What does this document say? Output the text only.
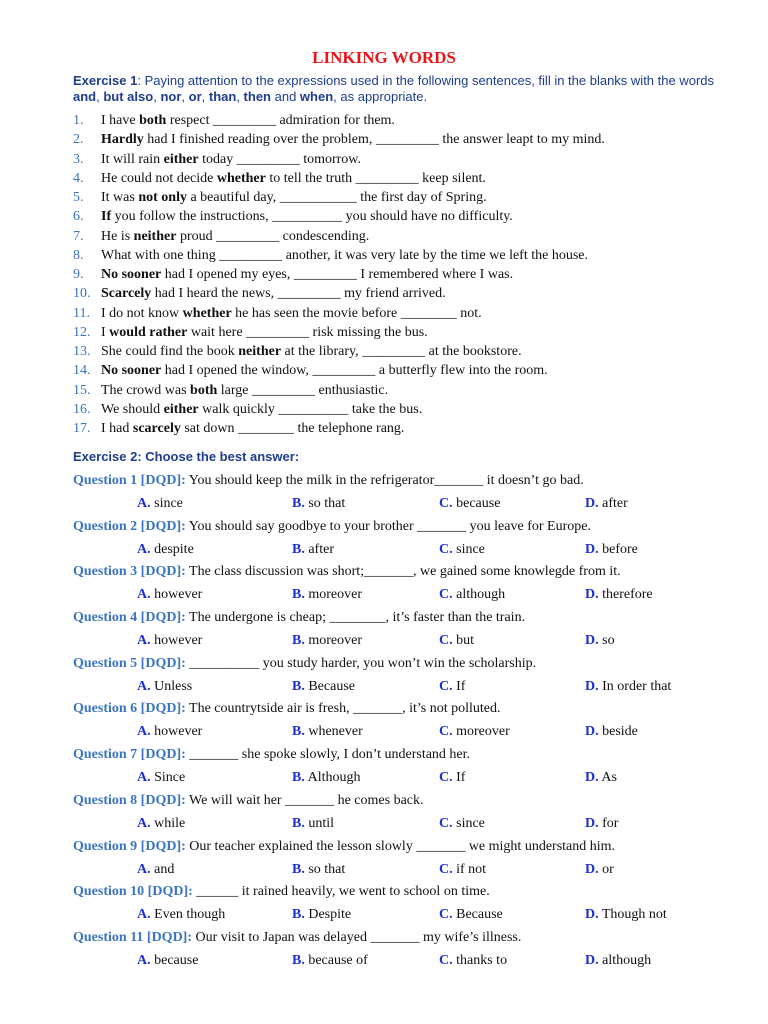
LINKING WORDS
Exercise 1: Paying attention to the expressions used in the following sentences, fill in the blanks with the words and, but also, nor, or, than, then and when, as appropriate.
1. I have both respect _________ admiration for them.
2. Hardly had I finished reading over the problem, _________ the answer leapt to my mind.
3. It will rain either today _________ tomorrow.
4. He could not decide whether to tell the truth _________ keep silent.
5. It was not only a beautiful day, ___________ the first day of Spring.
6. If you follow the instructions, __________ you should have no difficulty.
7. He is neither proud _________ condescending.
8. What with one thing _________ another, it was very late by the time we left the house.
9. No sooner had I opened my eyes, _________ I remembered where I was.
10. Scarcely had I heard the news, _________ my friend arrived.
11. I do not know whether he has seen the movie before ________ not.
12. I would rather wait here _________ risk missing the bus.
13. She could find the book neither at the library, _________ at the bookstore.
14. No sooner had I opened the window, _________ a butterfly flew into the room.
15. The crowd was both large _________ enthusiastic.
16. We should either walk quickly __________ take the bus.
17. I had scarcely sat down ________ the telephone rang.
Exercise 2: Choose the best answer:
Question 1 [DQD]: You should keep the milk in the refrigerator_______ it doesn’t go bad.
A. since	B. so that	C. because	D. after
Question 2 [DQD]: You should say goodbye to your brother _______ you leave for Europe.
A. despite	B. after	C. since	D. before
Question 3 [DQD]: The class discussion was short;_______, we gained some knowlegde from it.
A. however	B. moreover	C. although	D. therefore
Question 4 [DQD]: The undergone is cheap; ________, it’s faster than the train.
A. however	B. moreover	C. but	D. so
Question 5 [DQD]: __________ you study harder, you won’t win the scholarship.
A. Unless	B. Because	C. If	D. In order that
Question 6 [DQD]: The countrytside air is fresh, _______, it’s not polluted.
A. however	B. whenever	C. moreover	D. beside
Question 7 [DQD]: _______ she spoke slowly, I don’t understand her.
A. Since	B. Although	C. If	D. As
Question 8 [DQD]: We will wait her _______ he comes back.
A. while	B. until	C. since	D. for
Question 9 [DQD]: Our teacher explained the lesson slowly _______ we might understand him.
A. and	B. so that	C. if not	D. or
Question 10 [DQD]: ______ it rained heavily, we went to school on time.
A. Even though	B. Despite	C. Because	D. Though not
Question 11 [DQD]: Our visit to Japan was delayed _______ my wife’s illness.
A. because	B. because of	C. thanks to	D. although
